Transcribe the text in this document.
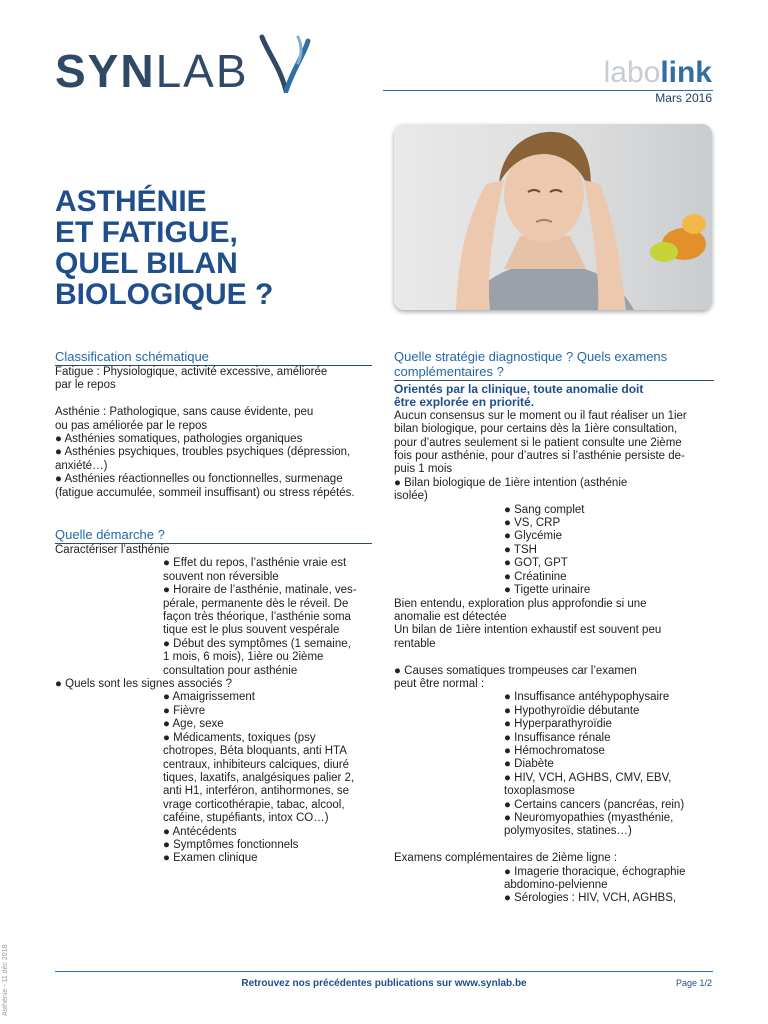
SYNLAB	labolink
Mars 2016
ASTHÉNIE
ET FATIGUE,
QUEL BILAN
BIOLOGIQUE ?
Classification schématique

Fatigue : Physiologique, activité excessive, améliorée

par le repos

Asthénie : Pathologique, sans cause évidente, peu

ou pas améliorée par le repos

● Asthénies somatiques, pathologies organiques

● Asthénies psychiques, troubles psychiques (dépression,

anxiété…)

● Asthénies réactionnelles ou fonctionnelles, surmenage

(fatigue accumulée, sommeil insuffisant) ou stress répétés.

Quelle démarche ?

Caractériser l’asthénie

● Effet du repos, l’asthénie vraie est

souvent non réversible

● Horaire de l’asthénie, matinale, ves-

pérale, permanente dès le réveil. De

façon très théorique, l’asthénie soma

tique est le plus souvent vespérale

● Début des symptômes (1 semaine,

1 mois, 6 mois), 1ière ou 2ième

consultation pour asthénie

● Quels sont les signes associés ?

● Amaigrissement

● Fièvre

● Age, sexe

● Médicaments, toxiques (psy

chotropes, Béta bloquants, anti HTA

centraux, inhibiteurs calciques, diuré

tiques, laxatifs, analgésiques palier 2,

anti H1, interféron, antihormones, se

vrage corticothérapie, tabac, alcool,

caféine, stupéfiants, intox CO…)

● Antécédents

● Symptômes fonctionnels

● Examen clinique

Quelle stratégie diagnostique ? Quels examens
complémentaires ?

Orientés par la clinique, toute anomalie doit

être explorée en priorité.

Aucun consensus sur le moment ou il faut réaliser un 1ier

bilan biologique, pour certains dès la 1ière consultation,

pour d’autres seulement si le patient consulte une 2ième

fois pour asthénie, pour d’autres si l’asthénie persiste de-

puis 1 mois

● Bilan biologique de 1ière intention (asthénie

isolée)

● Sang complet

● VS, CRP

● Glycémie

● TSH

● GOT, GPT

● Créatinine

● Tigette urinaire

Bien entendu, exploration plus approfondie si une

anomalie est détectée

Un bilan de 1ière intention exhaustif est souvent peu

rentable

● Causes somatiques trompeuses car l’examen

peut être normal :

● Insuffisance antéhypophysaire

● Hypothyroïdie débutante

● Hyperparathyroïdie

● Insuffisance rénale

● Hémochromatose

● Diabète

● HIV, VCH, AGHBS, CMV, EBV,

toxoplasmose

● Certains cancers (pancréas, rein)

● Neuromyopathies (myasthénie,

polymyosites, statines…)

Examens complémentaires de 2ième ligne :

● Imagerie thoracique, échographie

abdomino-pelvienne

● Sérologies : HIV, VCH, AGHBS,

Retrouvez nos précédentes publications sur www.synlab.be	Page 1/2
Asthénie - 11 déc 2018
